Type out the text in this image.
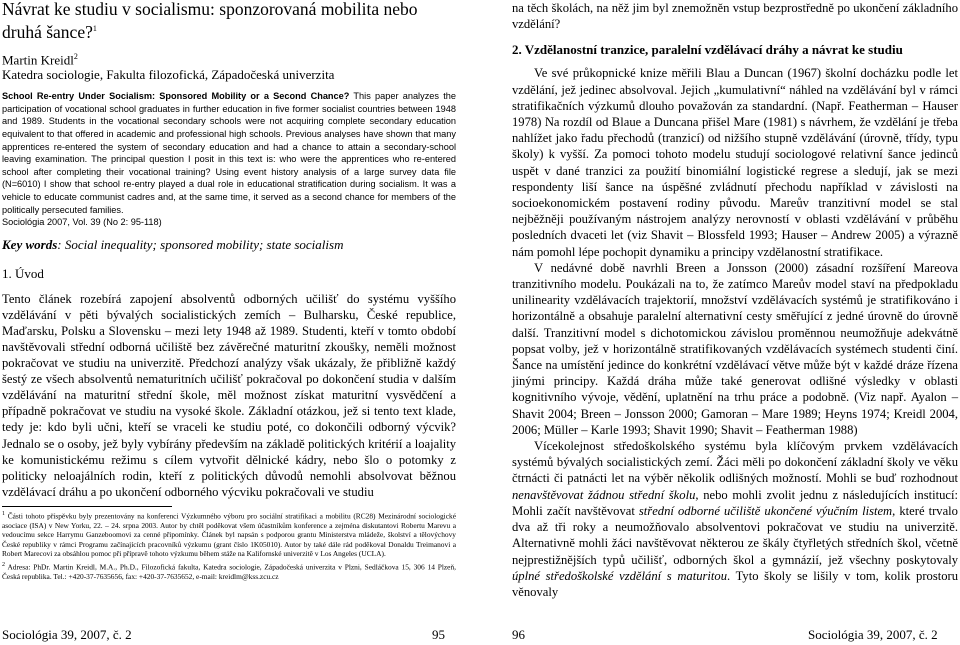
Návrat ke studiu v socialismu: sponzorovaná mobilita nebo druhá šance?$^1$

Martin Kreidl$^2$

Katedra sociologie, Fakulta filozofická, Západočeská univerzita

School Re-entry Under Socialism: Sponsored Mobility or a Second Chance? This paper analyzes the participation of vocational school graduates in further education in five former socialist countries between 1948 and 1989. Students in the vocational secondary schools were not acquiring complete secondary education equivalent to that offered in academic and professional high schools. Previous analyses have shown that many apprentices re-entered the system of secondary education and had a chance to attain a secondary-school leaving examination. The principal question I posit in this text is: who were the apprentices who re-entered school after completing their vocational training? Using event history analysis of a large survey data file (N=6010) I show that school re-entry played a dual role in educational stratification during socialism. It was a vehicle to educate communist cadres and, at the same time, it served as a second chance for members of the politically persecuted families.
Sociológia 2007, Vol. 39 (No 2: 95-118)

Key words: Social inequality; sponsored mobility; state socialism

1. Úvod

Tento článek rozebírá zapojení absolventů odborných učilišť do systému vyššího vzdělávání v pěti bývalých socialistických zemích – Bulharsku, České republice, Maďarsku, Polsku a Slovensku – mezi lety 1948 až 1989. Studenti, kteří v tomto období navštěvovali střední odborná učiliště bez závěrečné maturitní zkoušky, neměli možnost pokračovat ve studiu na univerzitě. Předchozí analýzy však ukázaly, že přibližně každý šestý ze všech absolventů nematuritních učilišť pokračoval po dokončení studia v dalším vzdělávání na maturitní střední škole, měl možnost získat maturitní vysvědčení a případně pokračovat ve studiu na vysoké škole. Základní otázkou, jež si tento text klade, tedy je: kdo byli učni, kteří se vraceli ke studiu poté, co dokončili odborný výcvik? Jednalo se o osoby, jež byly vybírány především na základě politických kritérií a loajality ke komunistickému režimu s cílem vytvořit dělnické kádry, nebo šlo o potomky z politicky neloajálních rodin, kteří z politických důvodů nemohli absolvovat běžnou vzdělávací dráhu a po ukončení odborného výcviku pokračovali ve studiu

$^1$ Části tohoto příspěvku byly prezentovány na konferenci Výzkumného výboru pro sociální stratifikaci a mobilitu (RC28) Mezinárodní sociologické asociace (ISA) v New Yorku, 22. – 24. srpna 2003. Autor by chtěl poděkovat všem účastníkům konference a zejména diskutantovi Robertu Marevu a vedoucímu sekce Harrymu Ganzeboomovi za cenné připomínky. Článek byl napsán s podporou grantu Ministerstva mládeže, školství a tělovýchovy České republiky v rámci Programu začínajících pracovníků výzkumu (grant číslo 1K05010). Autor by také dále rád poděkoval Donaldu Treimanovi a Robert Marecovi za obsáhlou pomoc při přípravě tohoto výzkumu během stáže na Kalifornské univerzitě v Los Angeles (UCLA).

$^2$ Adresa: PhDr. Martin Kreidl, M.A., Ph.D., Filozofická fakulta, Katedra sociologie, Západočeská univerzita v Plzni, Sedláčkova 15, 306 14 Plzeň, Česká republika. Tel.: +420-37-7635656, fax: +420-37-7635652, e-mail: kreidlm@kss.zcu.cz

Sociológia 39, 2007, č. 2	95

na těch školách, na něž jim byl znemožněn vstup bezprostředně po ukončení základního vzdělání?

2. Vzdělanostní tranzice, paralelní vzdělávací dráhy a návrat ke studiu

Ve své průkopnické knize měřili Blau a Duncan (1967) školní docházku podle let vzdělání, jež jedinec absolvoval. Jejich „kumulativní“ náhled na vzdělávání byl v rámci stratifikačních výzkumů dlouho považován za standardní. (Např. Featherman – Hauser 1978) Na rozdíl od Blaue a Duncana přišel Mare (1981) s návrhem, že vzdělání je třeba nahlížet jako řadu přechodů (tranzicí) od nižšího stupně vzdělávání (úrovně, třídy, typu školy) k vyšší. Za pomoci tohoto modelu studují sociologové relativní šance jedinců uspět v dané tranzici za použití binomiální logistické regrese a sledují, jak se mezi respondenty liší šance na úspěšné zvládnutí přechodu například v závislosti na socioekonomickém postavení rodiny původu. Mareův tranzitivní model se stal nejběžněji používaným nástrojem analýzy nerovností v oblasti vzdělávání v průběhu posledních dvaceti let (viz Shavit – Blossfeld 1993; Hauser – Andrew 2005) a výrazně nám pomohl lépe pochopit dynamiku a principy vzdělanostní stratifikace.

V nedávné době navrhli Breen a Jonsson (2000) zásadní rozšíření Mareova tranzitivního modelu. Poukázali na to, že zatímco Mareův model staví na předpokladu unilinearity vzdělávacích trajektorií, množství vzdělávacích systémů je stratifikováno i horizontálně a obsahuje paralelní alternativní cesty směřující z jedné úrovně do úrovně další. Tranzitivní model s dichotomickou závislou proměnnou neumožňuje adekvátně popsat volby, jež v horizontálně stratifikovaných vzdělávacích systémech studenti činí. Šance na umístění jedince do konkrétní vzdělávací větve může být v každé dráze řízena jinými principy. Každá dráha může také generovat odlišné výsledky v oblasti kognitivního vývoje, vědění, uplatnění na trhu práce a podobně. (Viz např. Ayalon – Shavit 2004; Breen – Jonsson 2000; Gamoran – Mare 1989; Heyns 1974; Kreidl 2004, 2006; Müller – Karle 1993; Shavit 1990; Shavit – Featherman 1988)

Vícekolejnost středoškolského systému byla klíčovým prvkem vzdělávacích systémů bývalých socialistických zemí. Žáci měli po dokončení základní školy ve věku čtrnácti či patnácti let na výběr několik odlišných možností. Mohli se buď rozhodnout nenavštěvovat žádnou střední školu, nebo mohli zvolit jednu z následujících institucí: Mohli začít navštěvovat střední odborné učiliště ukončené výučním listem, které trvalo dva až tři roky a neumožňovalo absolventovi pokračovat ve studiu na univerzitě. Alternativně mohli žáci navštěvovat některou ze škály čtyřletých středních škol, včetně nejprestižnějších typů učilišť, odborných škol a gymnázií, jež všechny poskytovaly úplné středoškolské vzdělání s maturitou. Tyto školy se lišily v tom, kolik prostoru věnovaly

96	Sociológia 39, 2007, č. 2
